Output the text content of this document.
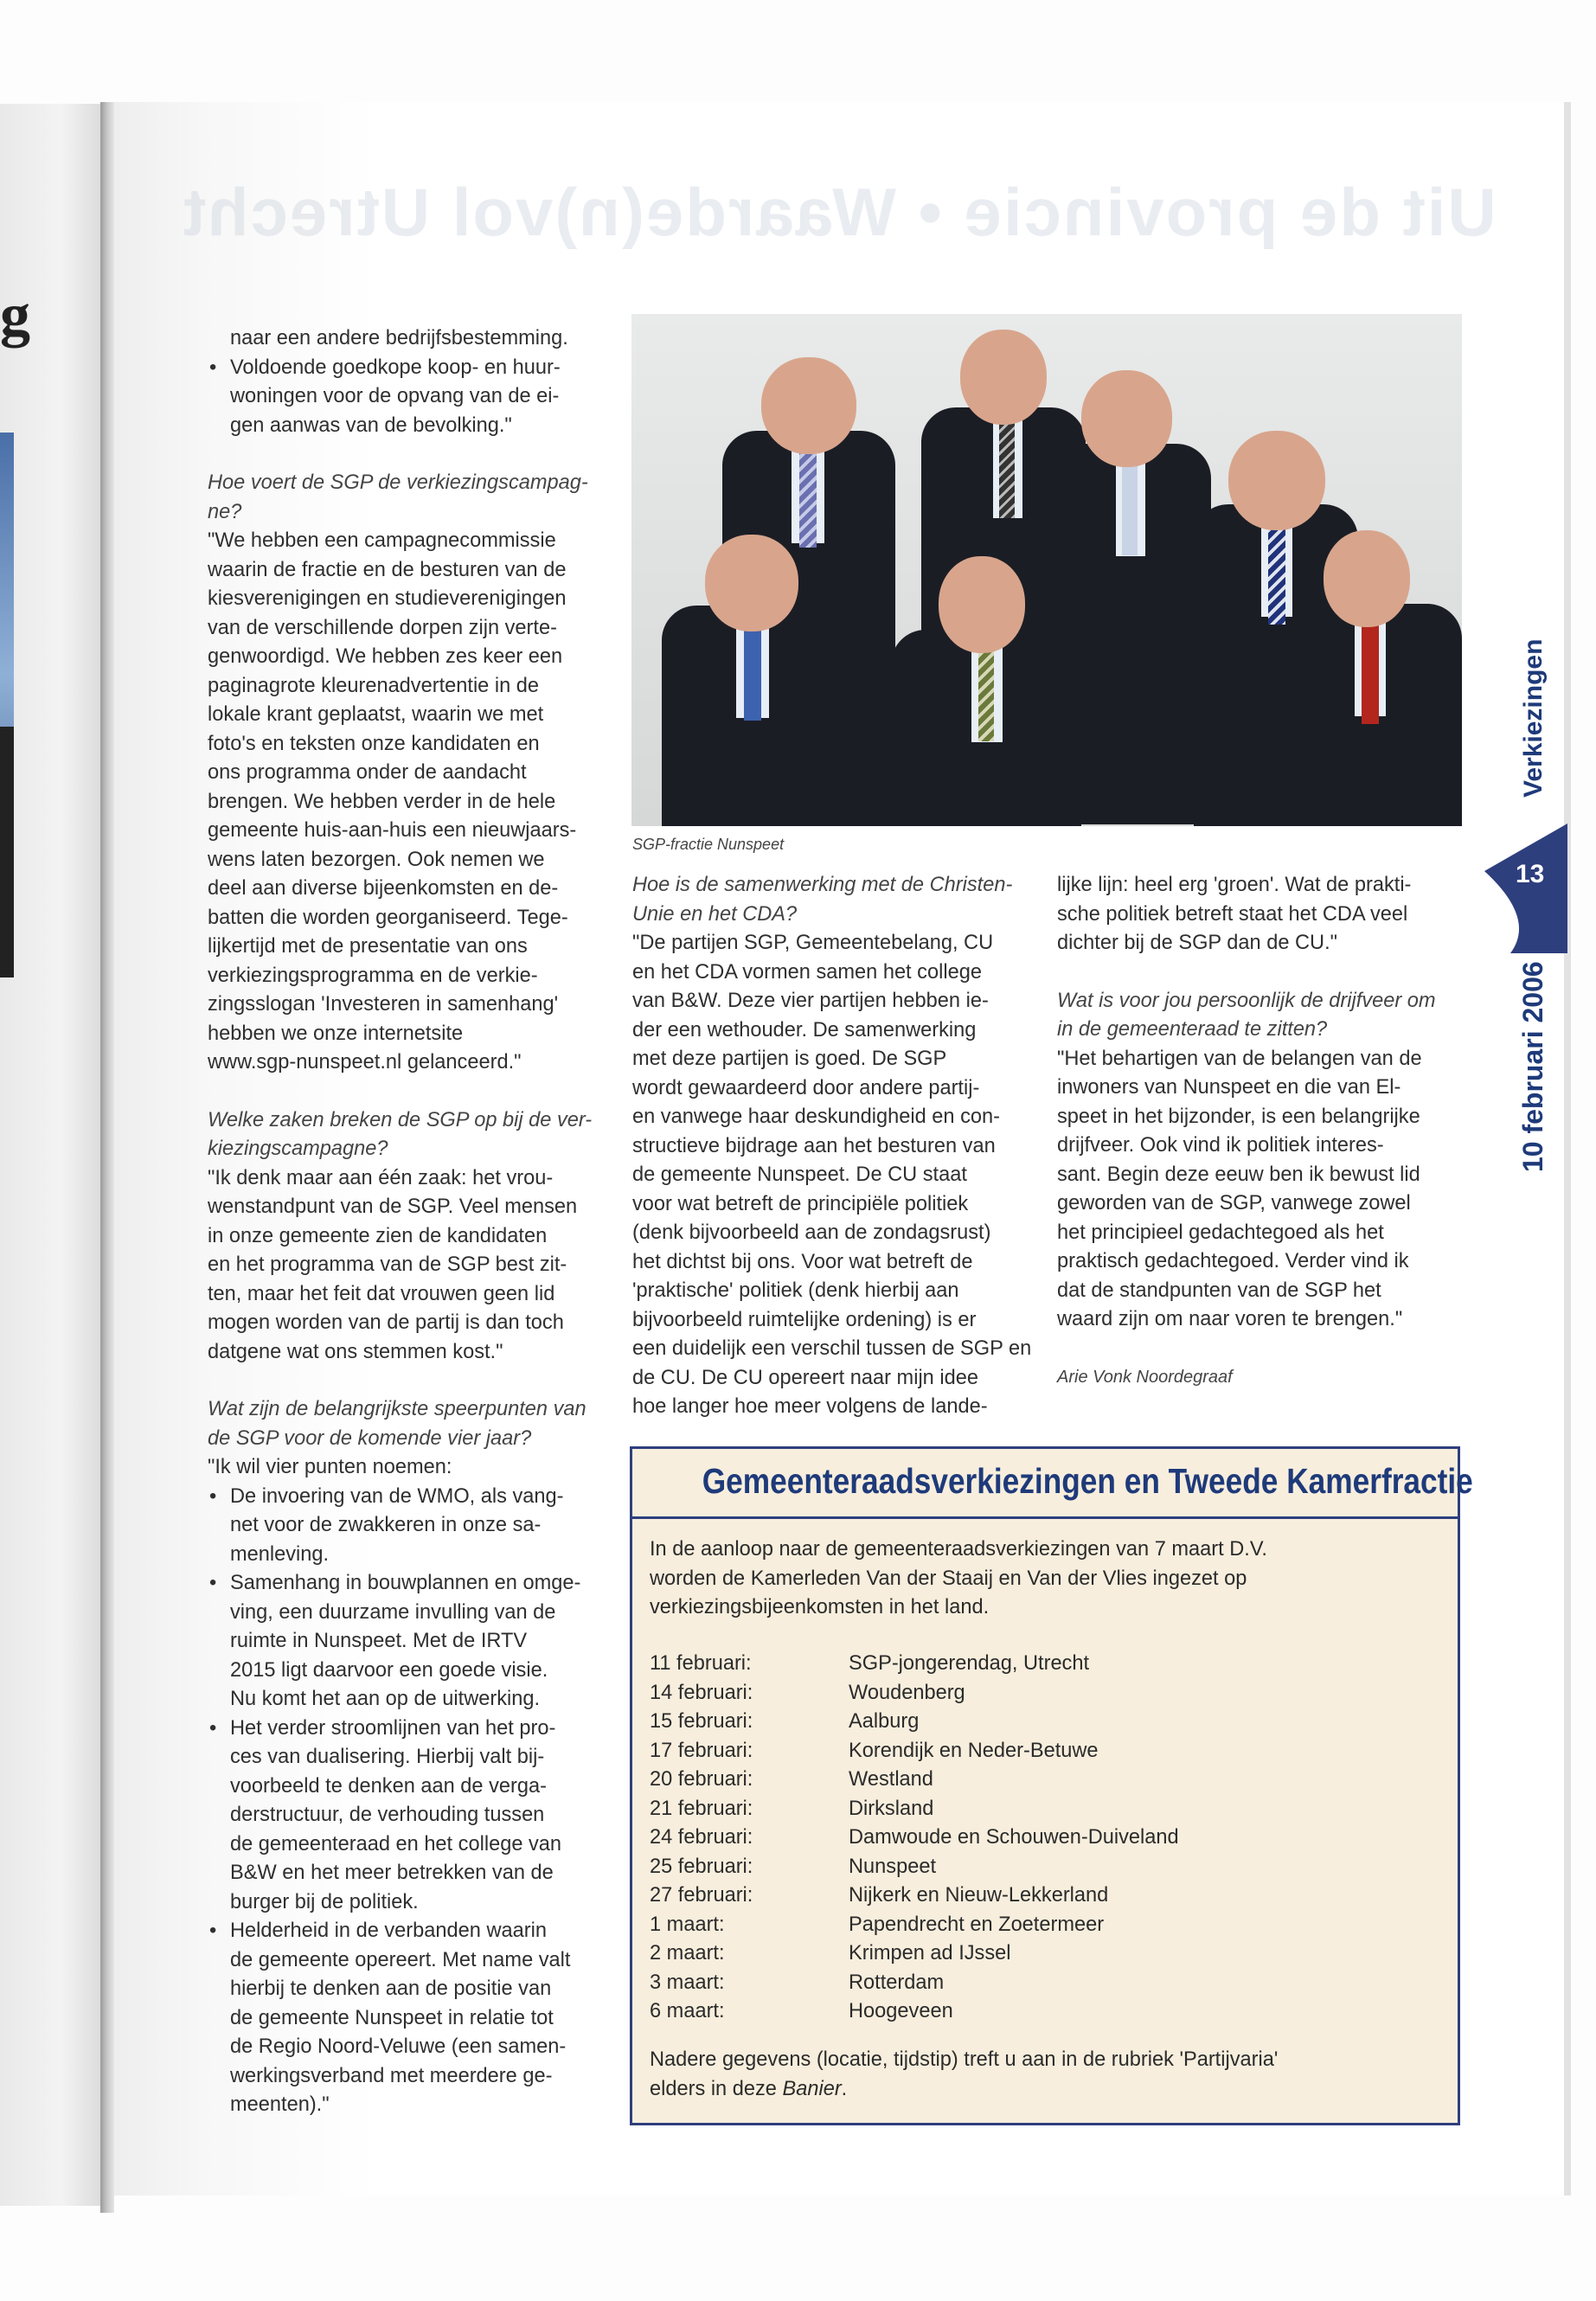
g
Uit de provincie • Waarde(n)vol Utrecht

naar een andere bedrijfsbestemming.

• Voldoende goedkope koop- en huur-
woningen voor de opvang van de ei-
gen aanwas van de bevolking."

Hoe voert de SGP de verkiezingscampag-
ne?

"We hebben een campagnecommissie
waarin de fractie en de besturen van de
kiesverenigingen en studieverenigingen
van de verschillende dorpen zijn verte-
genwoordigd. We hebben zes keer een
paginagrote kleurenadvertentie in de
lokale krant geplaatst, waarin we met
foto's en teksten onze kandidaten en
ons programma onder de aandacht
brengen. We hebben verder in de hele
gemeente huis-aan-huis een nieuwjaars-
wens laten bezorgen. Ook nemen we
deel aan diverse bijeenkomsten en de-
batten die worden georganiseerd. Tege-
lijkertijd met de presentatie van ons
verkiezingsprogramma en de verkie-
zingsslogan 'Investeren in samenhang'
hebben we onze internetsite
www.sgp-nunspeet.nl gelanceerd."

Welke zaken breken de SGP op bij de ver-
kiezingscampagne?

"Ik denk maar aan één zaak: het vrou-
wenstandpunt van de SGP. Veel mensen
in onze gemeente zien de kandidaten
en het programma van de SGP best zit-
ten, maar het feit dat vrouwen geen lid
mogen worden van de partij is dan toch
datgene wat ons stemmen kost."

Wat zijn de belangrijkste speerpunten van
de SGP voor de komende vier jaar?

"Ik wil vier punten noemen:

• De invoering van de WMO, als vang-
net voor de zwakkeren in onze sa-
menleving.
• Samenhang in bouwplannen en omge-
ving, een duurzame invulling van de
ruimte in Nunspeet. Met de IRTV
2015 ligt daarvoor een goede visie.
Nu komt het aan op de uitwerking.
• Het verder stroomlijnen van het pro-
ces van dualisering. Hierbij valt bij-
voorbeeld te denken aan de verga-
derstructuur, de verhouding tussen
de gemeenteraad en het college van
B&W en het meer betrekken van de
burger bij de politiek.
• Helderheid in de verbanden waarin
de gemeente opereert. Met name valt
hierbij te denken aan de positie van
de gemeente Nunspeet in relatie tot
de Regio Noord-Veluwe (een samen-
werkingsverband met meerdere ge-
meenten)."
SGP-fractie Nunspeet

Hoe is de samenwerking met de Christen-
Unie en het CDA?

"De partijen SGP, Gemeentebelang, CU
en het CDA vormen samen het college
van B&W. Deze vier partijen hebben ie-
der een wethouder. De samenwerking
met deze partijen is goed. De SGP
wordt gewaardeerd door andere partij-
en vanwege haar deskundigheid en con-
structieve bijdrage aan het besturen van
de gemeente Nunspeet. De CU staat
voor wat betreft de principiële politiek
(denk bijvoorbeeld aan de zondagsrust)
het dichtst bij ons. Voor wat betreft de
'praktische' politiek (denk hierbij aan
bijvoorbeeld ruimtelijke ordening) is er
een duidelijk een verschil tussen de SGP en
de CU. De CU opereert naar mijn idee
hoe langer hoe meer volgens de lande-

lijke lijn: heel erg 'groen'. Wat de prakti-
sche politiek betreft staat het CDA veel
dichter bij de SGP dan de CU."

Wat is voor jou persoonlijk de drijfveer om
in de gemeenteraad te zitten?

"Het behartigen van de belangen van de
inwoners van Nunspeet en die van El-
speet in het bijzonder, is een belangrijke
drijfveer. Ook vind ik politiek interes-
sant. Begin deze eeuw ben ik bewust lid
geworden van de SGP, vanwege zowel
het principieel gedachtegoed als het
praktisch gedachtegoed. Verder vind ik
dat de standpunten van de SGP het
waard zijn om naar voren te brengen."

Arie Vonk Noordegraaf

Verkiezingen
13
10 februari 2006
Gemeenteraadsverkiezingen en Tweede Kamerfractie
In de aanloop naar de gemeenteraadsverkiezingen van 7 maart D.V.
worden de Kamerleden Van der Staaij en Van der Vlies ingezet op
verkiezingsbijeenkomsten in het land.
11 februari:	SGP-jongerendag, Utrecht
14 februari:	Woudenberg
15 februari:	Aalburg
17 februari:	Korendijk en Neder-Betuwe
20 februari:	Westland
21 februari:	Dirksland
24 februari:	Damwoude en Schouwen-Duiveland
25 februari:	Nunspeet
27 februari:	Nijkerk en Nieuw-Lekkerland
1 maart:	Papendrecht en Zoetermeer
2 maart:	Krimpen ad IJssel
3 maart:	Rotterdam
6 maart:	Hoogeveen
Nadere gegevens (locatie, tijdstip) treft u aan in de rubriek 'Partijvaria'
elders in deze Banier.
